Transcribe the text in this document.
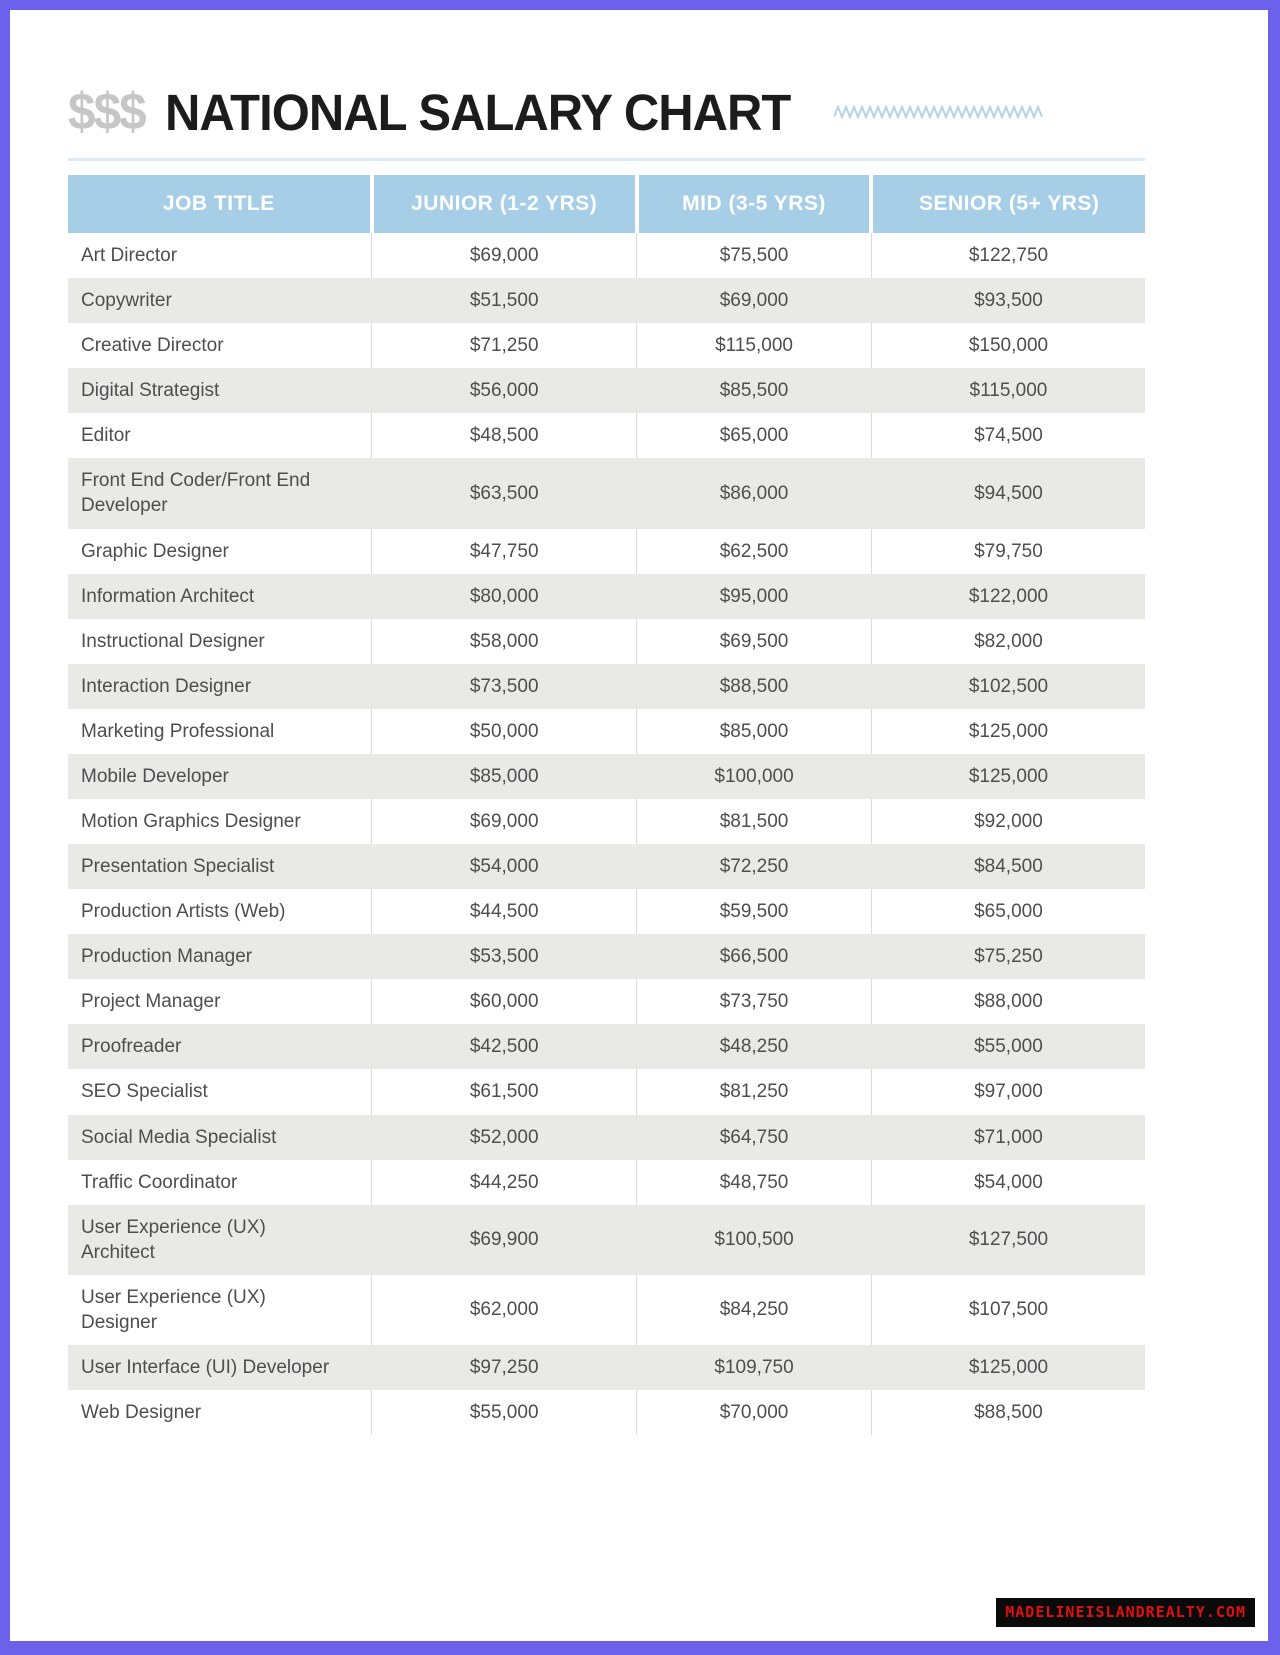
$$$ NATIONAL SALARY CHART
JOB TITLE	JUNIOR (1-2 YRS)	MID (3-5 YRS)	SENIOR (5+ YRS)
Art Director	$69,000	$75,500	$122,750
Copywriter	$51,500	$69,000	$93,500
Creative Director	$71,250	$115,000	$150,000
Digital Strategist	$56,000	$85,500	$115,000
Editor	$48,500	$65,000	$74,500
Front End Coder/Front End Developer	$63,500	$86,000	$94,500
Graphic Designer	$47,750	$62,500	$79,750
Information Architect	$80,000	$95,000	$122,000
Instructional Designer	$58,000	$69,500	$82,000
Interaction Designer	$73,500	$88,500	$102,500
Marketing Professional	$50,000	$85,000	$125,000
Mobile Developer	$85,000	$100,000	$125,000
Motion Graphics Designer	$69,000	$81,500	$92,000
Presentation Specialist	$54,000	$72,250	$84,500
Production Artists (Web)	$44,500	$59,500	$65,000
Production Manager	$53,500	$66,500	$75,250
Project Manager	$60,000	$73,750	$88,000
Proofreader	$42,500	$48,250	$55,000
SEO Specialist	$61,500	$81,250	$97,000
Social Media Specialist	$52,000	$64,750	$71,000
Traffic Coordinator	$44,250	$48,750	$54,000
User Experience (UX) Architect	$69,900	$100,500	$127,500
User Experience (UX) Designer	$62,000	$84,250	$107,500
User Interface (UI) Developer	$97,250	$109,750	$125,000
Web Designer	$55,000	$70,000	$88,500
MADELINEISLANDREALTY.COM
